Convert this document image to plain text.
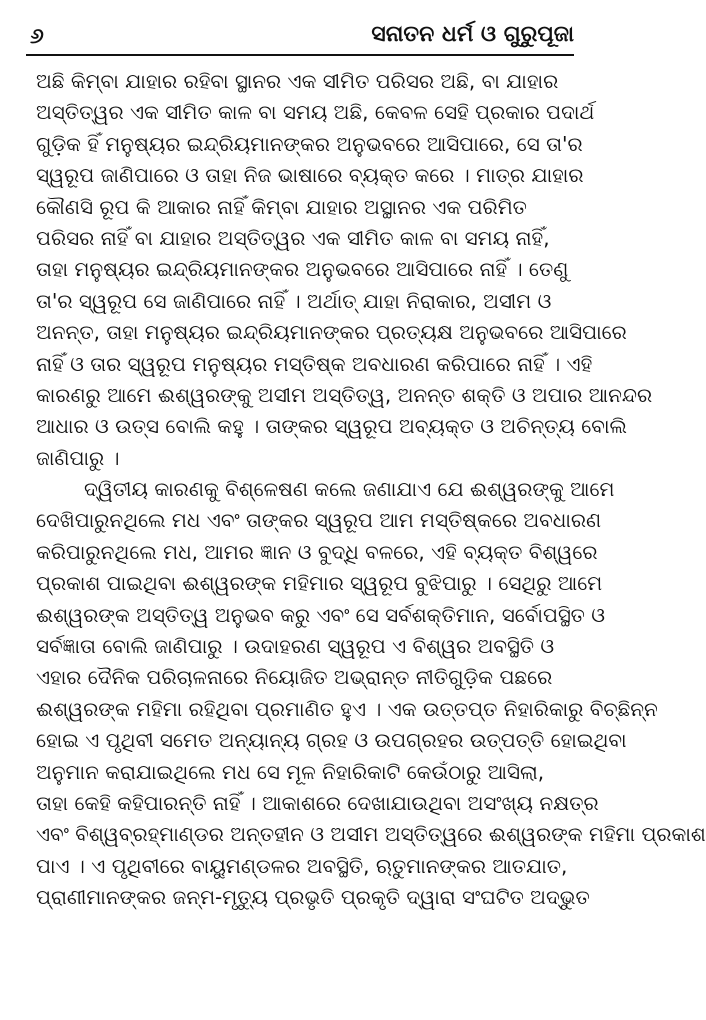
୬	ସନାତନ ଧର୍ମ ଓ ଗୁରୁପୂଜା
ଅଛି କିମ୍ବା ଯାହାର ରହିବା ସ୍ଥାନର ଏକ ସୀମିତ ପରିସର ଅଛି, ବା ଯାହାର
ଅସ୍ତିତ୍ୱର ଏକ ସୀମିତ କାଳ ବା ସମୟ ଅଛି, କେବଳ ସେହି ପ୍ରକାର ପଦାର୍ଥ
ଗୁଡ଼ିକ ହିଁ ମନୁଷ୍ୟର ଇନ୍ଦ୍ରିୟମାନଙ୍କର ଅନୁଭବରେ ଆସିପାରେ, ସେ ତା'ର
ସ୍ୱରୂପ ଜାଣିପାରେ ଓ ତାହା ନିଜ ଭାଷାରେ ବ୍ୟକ୍ତ କରେ । ମାତ୍ର ଯାହାର
କୌଣସି ରୂପ କି ଆକାର ନାହିଁ କିମ୍ବା ଯାହାର ଅସ୍ଥାନର ଏକ ପରିମିତ
ପରିସର ନାହିଁ ବା ଯାହାର ଅସ୍ତିତ୍ୱର ଏକ ସୀମିତ କାଳ ବା ସମୟ ନାହିଁ,
ତାହା ମନୁଷ୍ୟର ଇନ୍ଦ୍ରିୟମାନଙ୍କର ଅନୁଭବରେ ଆସିପାରେ ନାହିଁ । ତେଣୁ
ତା'ର ସ୍ୱରୂପ ସେ ଜାଣିପାରେ ନାହିଁ । ଅର୍ଥାତ୍ ଯାହା ନିରାକାର, ଅସୀମ ଓ
ଅନନ୍ତ, ତାହା ମନୁଷ୍ୟର ଇନ୍ଦ୍ରିୟମାନଙ୍କର ପ୍ରତ୍ୟକ୍ଷ ଅନୁଭବରେ ଆସିପାରେ
ନାହିଁ ଓ ତାର ସ୍ୱରୂପ ମନୁଷ୍ୟର ମସ୍ତିଷ୍କ ଅବଧାରଣ କରିପାରେ ନାହିଁ । ଏହି
କାରଣରୁ ଆମେ ଈଶ୍ୱରଙ୍କୁ ଅସୀମ ଅସ୍ତିତ୍ୱ, ଅନନ୍ତ ଶକ୍ତି ଓ ଅପାର ଆନନ୍ଦର
ଆଧାର ଓ ଉତ୍ସ ବୋଲି କହୁ । ତାଙ୍କର ସ୍ୱରୂପ ଅବ୍ୟକ୍ତ ଓ ଅଚିନ୍ତ୍ୟ ବୋଲି
ଜାଣିପାରୁ ।
ଦ୍ୱିତୀୟ କାରଣକୁ ବିଶ୍ଳେଷଣ କଲେ ଜଣାଯାଏ ଯେ ଈଶ୍ୱରଙ୍କୁ ଆମେ
ଦେଖିପାରୁନଥିଲେ ମଧ ଏବଂ ତାଙ୍କର ସ୍ୱରୂପ ଆମ ମସ୍ତିଷ୍କରେ ଅବଧାରଣ
କରିପାରୁନଥିଲେ ମଧ, ଆମର ଜ୍ଞାନ ଓ ବୁଦ୍ଧି ବଳରେ, ଏହି ବ୍ୟକ୍ତ ବିଶ୍ୱରେ
ପ୍ରକାଶ ପାଇଥିବା ଈଶ୍ୱରଙ୍କ ମହିମାର ସ୍ୱରୂପ ବୁଝିପାରୁ । ସେଥିରୁ ଆମେ
ଈଶ୍ୱରଙ୍କ ଅସ୍ତିତ୍ୱ ଅନୁଭବ କରୁ ଏବଂ ସେ ସର୍ବଶକ୍ତିମାନ, ସର୍ବୋପସ୍ଥିତ ଓ
ସର୍ବଜ୍ଞାତା ବୋଲି ଜାଣିପାରୁ । ଉଦାହରଣ ସ୍ୱରୂପ ଏ ବିଶ୍ୱର ଅବସ୍ଥିତି ଓ
ଏହାର ଦୈନିକ ପରିଚାଳନାରେ ନିୟୋଜିତ ଅଭ୍ରାନ୍ତ ନୀତିଗୁଡ଼ିକ ପଛରେ
ଈଶ୍ୱରଙ୍କ ମହିମା ରହିଥିବା ପ୍ରମାଣିତ ହୁଏ । ଏକ ଉତ୍ତପ୍ତ ନିହାରିକାରୁ ବିଚ୍ଛିନ୍ନ
ହୋଇ ଏ ପୃଥିବୀ ସମେତ ଅନ୍ୟାନ୍ୟ ଗ୍ରହ ଓ ଉପଗ୍ରହର ଉତ୍ପତ୍ତି ହୋଇଥିବା
ଅନୁମାନ କରାଯାଇଥିଲେ ମଧ ସେ ମୂଳ ନିହାରିକାଟି କେଉଁଠାରୁ ଆସିଲା,
ତାହା କେହି କହିପାରନ୍ତି ନାହିଁ । ଆକାଶରେ ଦେଖାଯାଉଥିବା ଅସଂଖ୍ୟ ନକ୍ଷତ୍ର
ଏବଂ ବିଶ୍ୱବ୍ରହ୍ମାଣ୍ଡର ଅନ୍ତହୀନ ଓ ଅସୀମ ଅସ୍ତିତ୍ୱରେ ଈଶ୍ୱରଙ୍କ ମହିମା ପ୍ରକାଶ
ପାଏ । ଏ ପୃଥିବୀରେ ବାୟୁମଣ୍ଡଳର ଅବସ୍ଥିତି, ଋତୁମାନଙ୍କର ଆତଯାତ,
ପ୍ରାଣୀମାନଙ୍କର ଜନ୍ମ-ମୃତ୍ୟୁ ପ୍ରଭୃତି ପ୍ରକୃତି ଦ୍ୱାରା ସଂଘଟିତ ଅଦ୍ଭୁତ
